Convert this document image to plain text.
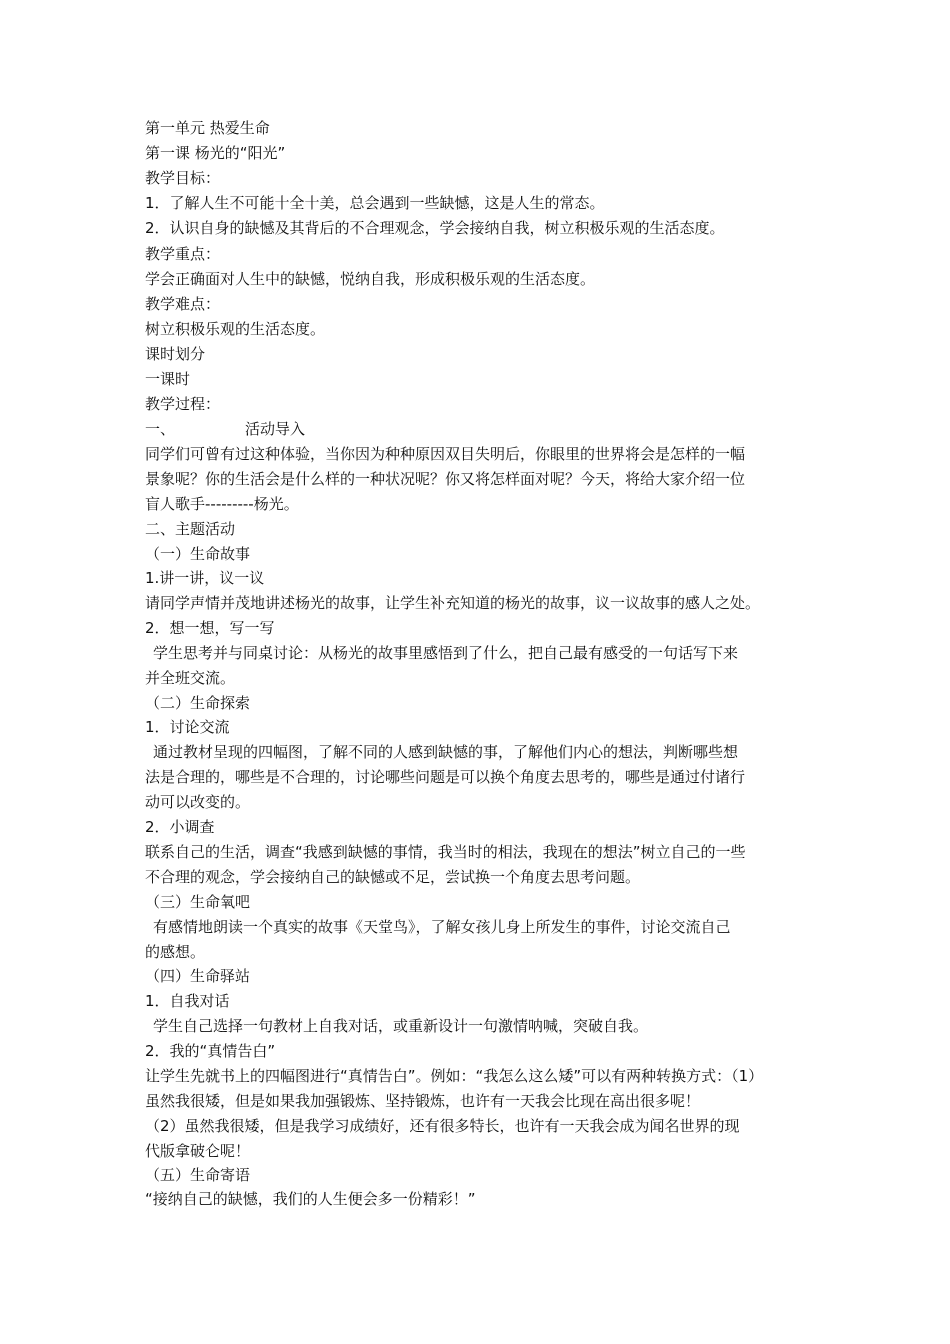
第一单元 热爱生命
第一课 杨光的“阳光”
教学目标：
1．了解人生不可能十全十美，总会遇到一些缺憾，这是人生的常态。
2．认识自身的缺憾及其背后的不合理观念，学会接纳自我，树立积极乐观的生活态度。
教学重点：
学会正确面对人生中的缺憾，悦纳自我，形成积极乐观的生活态度。
教学难点：
树立积极乐观的生活态度。
课时划分
一课时
教学过程：
一、	活动导入
同学们可曾有过这种体验，当你因为种种原因双目失明后，你眼里的世界将会是怎样的一幅
景象呢？你的生活会是什么样的一种状况呢？你又将怎样面对呢？今天，将给大家介绍一位
盲人歌手---------杨光。
二、主题活动
（一）生命故事
1.讲一讲，议一议
请同学声情并茂地讲述杨光的故事，让学生补充知道的杨光的故事，议一议故事的感人之处。
2．想一想，写一写
学生思考并与同桌讨论：从杨光的故事里感悟到了什么，把自己最有感受的一句话写下来
并全班交流。
（二）生命探索
1．讨论交流
通过教材呈现的四幅图，了解不同的人感到缺憾的事，了解他们内心的想法，判断哪些想
法是合理的，哪些是不合理的，讨论哪些问题是可以换个角度去思考的，哪些是通过付诸行
动可以改变的。
2．小调查
联系自己的生活，调查“我感到缺憾的事情，我当时的相法，我现在的想法”树立自己的一些
不合理的观念，学会接纳自己的缺憾或不足，尝试换一个角度去思考问题。
（三）生命氧吧
有感情地朗读一个真实的故事《天堂鸟》，了解女孩儿身上所发生的事件，讨论交流自己
的感想。
（四）生命驿站
1．自我对话
学生自己选择一句教材上自我对话，或重新设计一句激情呐喊，突破自我。
2．我的“真情告白”
让学生先就书上的四幅图进行“真情告白”。例如：“我怎么这么矮”可以有两种转换方式：（1）
虽然我很矮，但是如果我加强锻炼、坚持锻炼，也许有一天我会比现在高出很多呢！
（2）虽然我很矮，但是我学习成绩好，还有很多特长，也许有一天我会成为闻名世界的现
代版拿破仑呢！
（五）生命寄语
“接纳自己的缺憾，我们的人生便会多一份精彩！”
